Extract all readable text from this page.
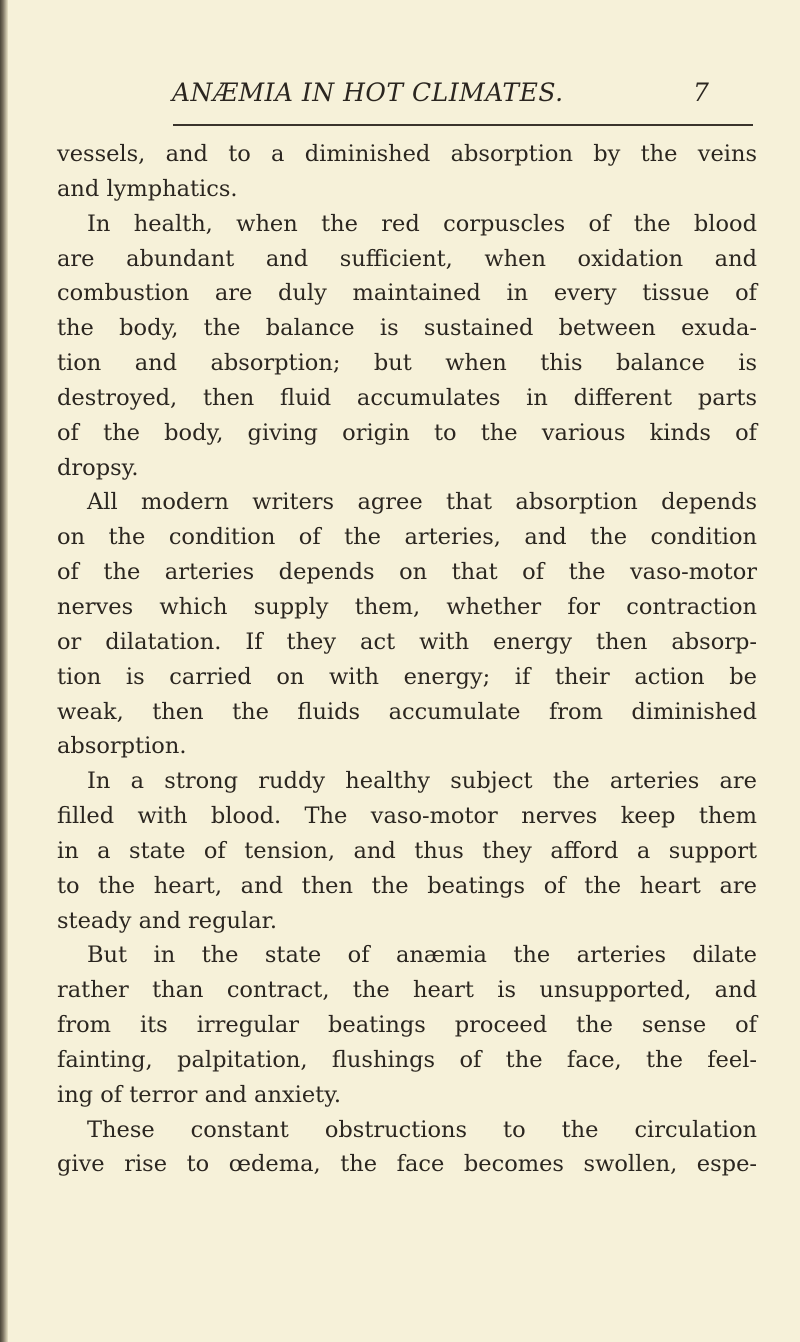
ANÆMIA IN HOT CLIMATES.	7
vessels, and to a diminished absorption by the veins
and lymphatics.
In health, when the red corpuscles of the blood
are abundant and sufficient, when oxidation and
combustion are duly maintained in every tissue of
the body, the balance is sustained between exuda-
tion and absorption; but when this balance is
destroyed, then fluid accumulates in different parts
of the body, giving origin to the various kinds of
dropsy.
All modern writers agree that absorption depends
on the condition of the arteries, and the condition
of the arteries depends on that of the vaso-motor
nerves which supply them, whether for contraction
or dilatation. If they act with energy then absorp-
tion is carried on with energy; if their action be
weak, then the fluids accumulate from diminished
absorption.
In a strong ruddy healthy subject the arteries are
filled with blood. The vaso-motor nerves keep them
in a state of tension, and thus they afford a support
to the heart, and then the beatings of the heart are
steady and regular.
But in the state of anæmia the arteries dilate
rather than contract, the heart is unsupported, and
from its irregular beatings proceed the sense of
fainting, palpitation, flushings of the face, the feel-
ing of terror and anxiety.
These constant obstructions to the circulation
give rise to œdema, the face becomes swollen, espe-
